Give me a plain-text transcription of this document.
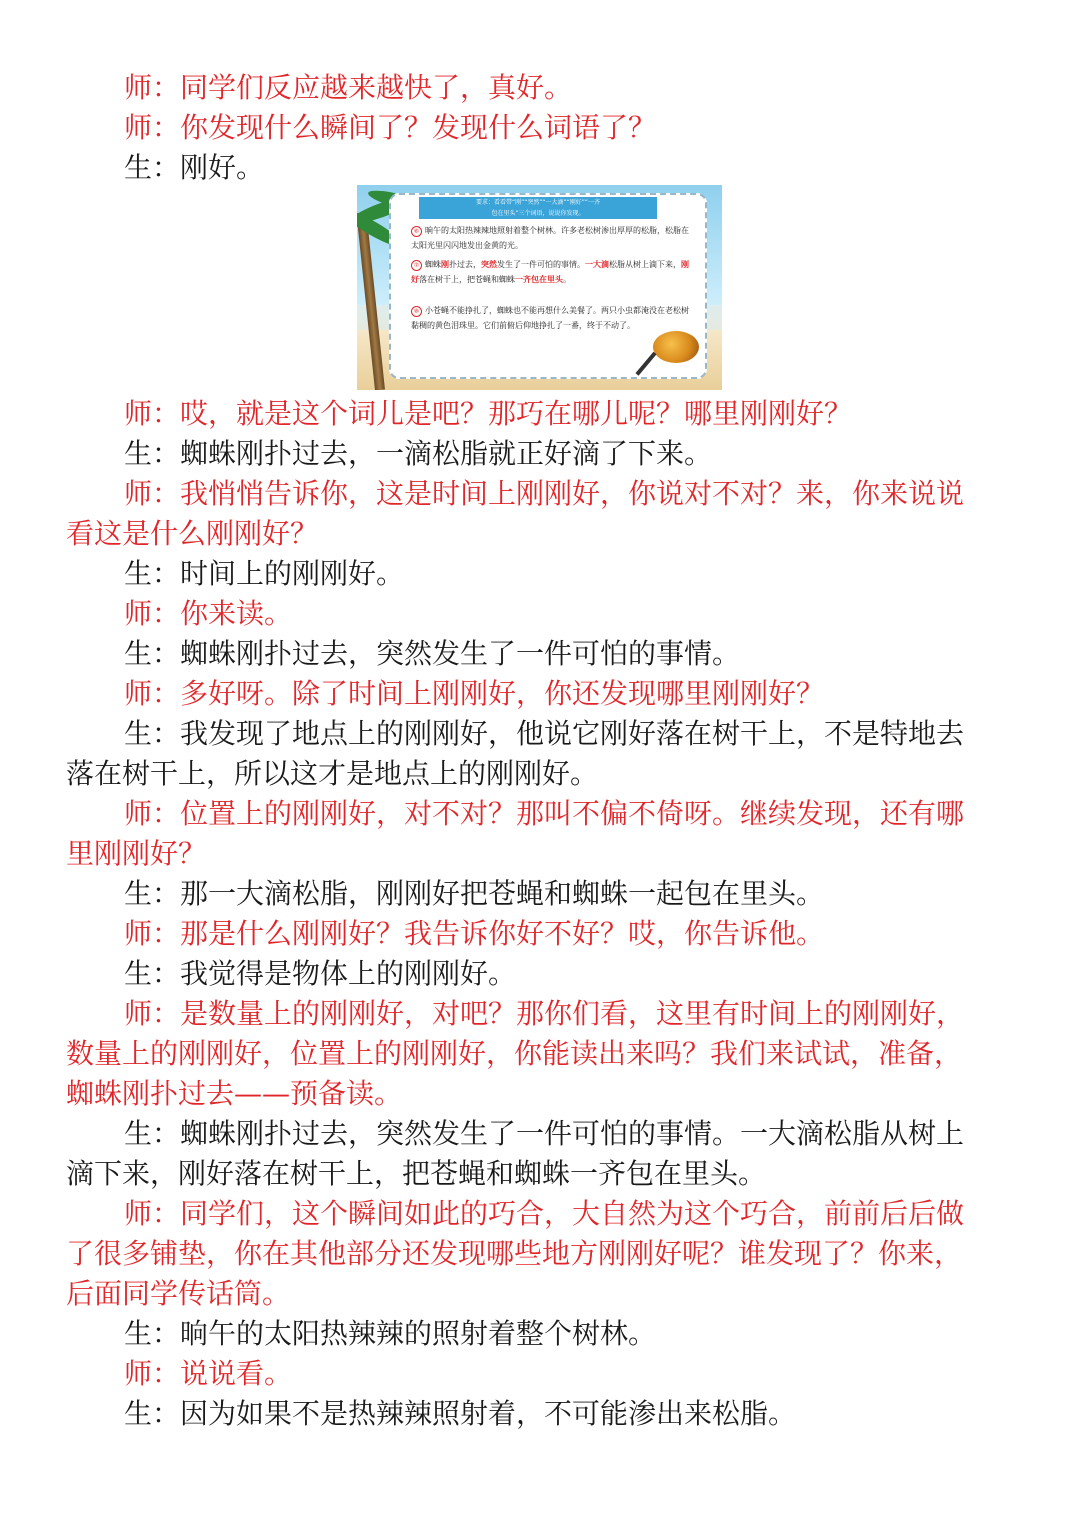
师：同学们反应越来越快了，真好。
师：你发现什么瞬间了？发现什么词语了？
生：刚好。
要求：看看带“刚”“突然”“一大滴”“刚好”“一齐
包在里头”三个词语，说说你发现。
⑥ 晌午的太阳热辣辣地照射着整个树林。许多老松树渗出厚厚的松脂，松脂在太阳光里闪闪地发出金黄的光。
⑦ 蜘蛛刚扑过去，突然发生了一件可怕的事情。一大滴松脂从树上滴下来，刚好落在树干上，把苍蝇和蜘蛛一齐包在里头。
⑧ 小苍蝇不能挣扎了，蜘蛛也不能再想什么美餐了。两只小虫都淹没在老松树黏稠的黄色泪珠里。它们前俯后仰地挣扎了一番，终于不动了。
师：哎，就是这个词儿是吧？那巧在哪儿呢？哪里刚刚好？
生：蜘蛛刚扑过去，一滴松脂就正好滴了下来。
师：我悄悄告诉你，这是时间上刚刚好，你说对不对？来，你来说说
看这是什么刚刚好？
生：时间上的刚刚好。
师：你来读。
生：蜘蛛刚扑过去，突然发生了一件可怕的事情。
师：多好呀。除了时间上刚刚好，你还发现哪里刚刚好？
生：我发现了地点上的刚刚好，他说它刚好落在树干上，不是特地去
落在树干上，所以这才是地点上的刚刚好。
师：位置上的刚刚好，对不对？那叫不偏不倚呀。继续发现，还有哪
里刚刚好？
生：那一大滴松脂，刚刚好把苍蝇和蜘蛛一起包在里头。
师：那是什么刚刚好？我告诉你好不好？哎，你告诉他。
生：我觉得是物体上的刚刚好。
师：是数量上的刚刚好，对吧？那你们看，这里有时间上的刚刚好，
数量上的刚刚好，位置上的刚刚好，你能读出来吗？我们来试试，准备，
蜘蛛刚扑过去——预备读。
生：蜘蛛刚扑过去，突然发生了一件可怕的事情。一大滴松脂从树上
滴下来，刚好落在树干上，把苍蝇和蜘蛛一齐包在里头。
师：同学们，这个瞬间如此的巧合，大自然为这个巧合，前前后后做
了很多铺垫，你在其他部分还发现哪些地方刚刚好呢？谁发现了？你来，
后面同学传话筒。
生：晌午的太阳热辣辣的照射着整个树林。
师：说说看。
生：因为如果不是热辣辣照射着，不可能渗出来松脂。
